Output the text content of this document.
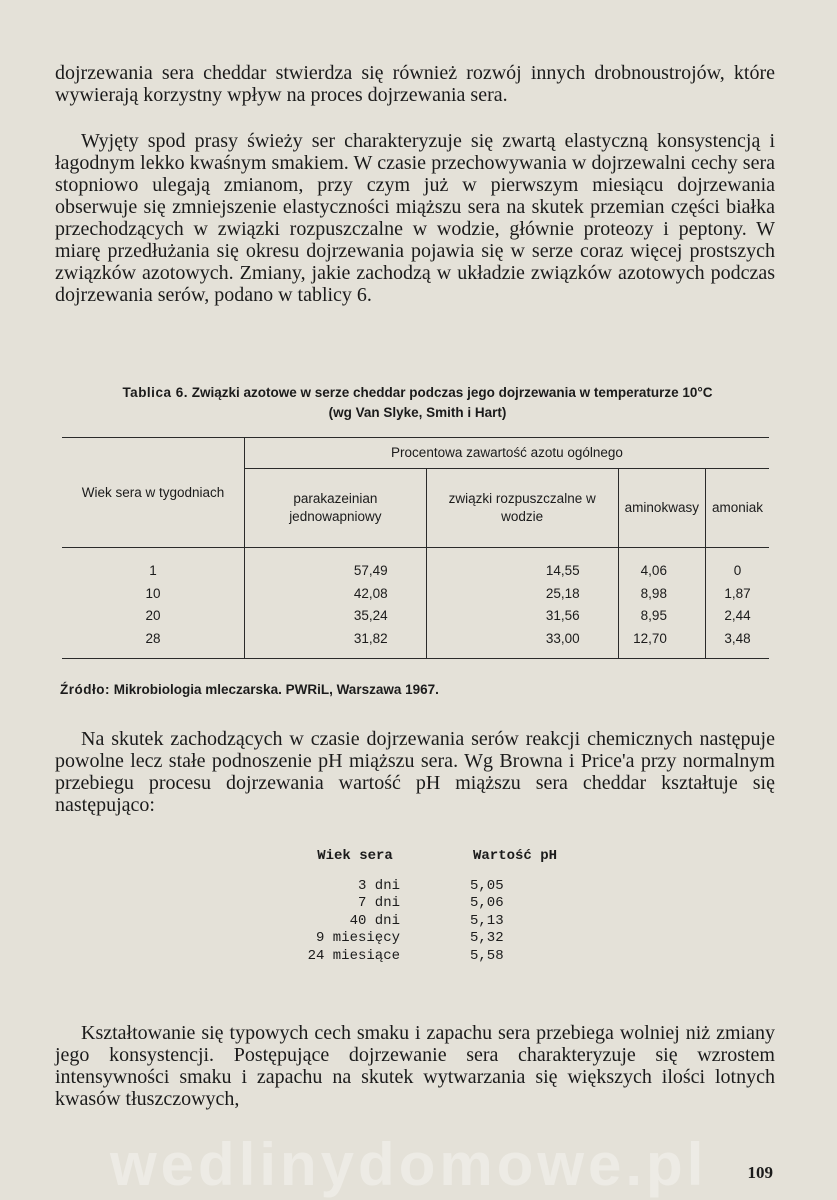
dojrzewania sera cheddar stwierdza się również rozwój innych drobnoustrojów, które wywierają korzystny wpływ na proces dojrzewania sera.

Wyjęty spod prasy świeży ser charakteryzuje się zwartą elastyczną konsystencją i łagodnym lekko kwaśnym smakiem. W czasie przechowywania w dojrzewalni cechy sera stopniowo ulegają zmianom, przy czym już w pierwszym miesiącu dojrzewania obserwuje się zmniejszenie elastyczności miąższu sera na skutek przemian części białka przechodzących w związki rozpuszczalne w wodzie, głównie proteozy i peptony. W miarę przedłużania się okresu dojrzewania pojawia się w serze coraz więcej prostszych związków azotowych. Zmiany, jakie zachodzą w układzie związków azotowych podczas dojrzewania serów, podano w tablicy 6.

Tablica 6. Związki azotowe w serze cheddar podczas jego dojrzewania w temperaturze 10°C
(wg Van Slyke, Smith i Hart)
Wiek sera w tygodniach	Procentowa zawartość azotu ogólnego			
	parakazeinian jednowapniowy	związki rozpuszczalne w wodzie	aminokwasy	amoniak
1	57,49	14,55	4,06	0
10	42,08	25,18	8,98	1,87
20	35,24	31,56	8,95	2,44
28	31,82	33,00	12,70	3,48

Źródło: Mikrobiologia mleczarska. PWRiL, Warszawa 1967.

Na skutek zachodzących w czasie dojrzewania serów reakcji chemicznych następuje powolne lecz stałe podnoszenie pH miąższu sera. Wg Browna i Price'a przy normalnym przebiegu procesu dojrzewania wartość pH miąższu sera cheddar kształtuje się następująco:

Wiek sera	Wartość pH
3 dni	5,05
7 dni	5,06
40 dni	5,13
9 miesięcy	5,32
24 miesiące	5,58

Kształtowanie się typowych cech smaku i zapachu sera przebiega wolniej niż zmiany jego konsystencji. Postępujące dojrzewanie sera charakteryzuje się wzrostem intensywności smaku i zapachu na skutek wytwarzania się większych ilości lotnych kwasów tłuszczowych,

wedlinydomowe.pl 109
